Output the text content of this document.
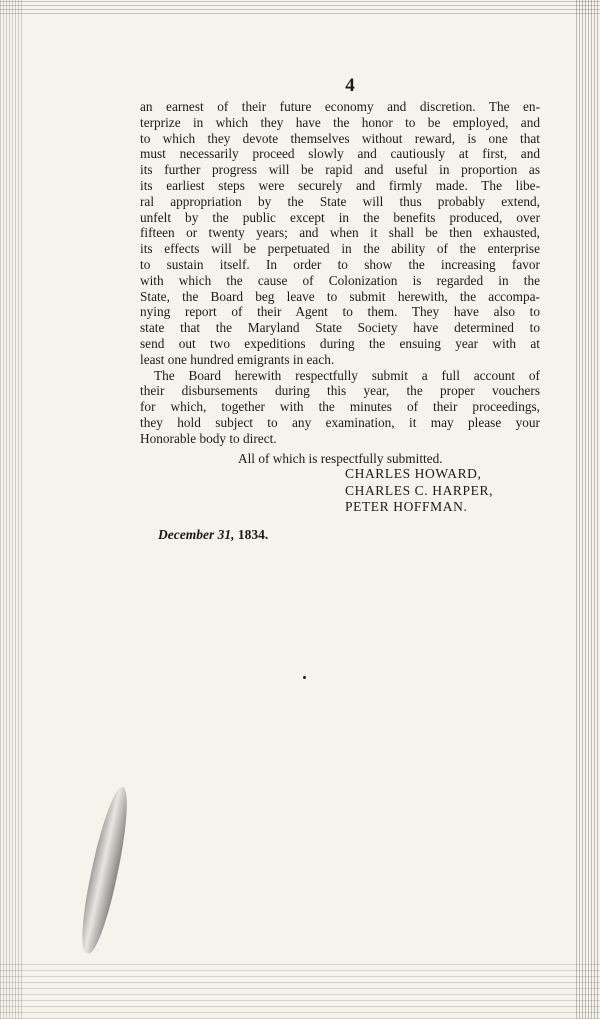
4
an earnest of their future economy and discretion. The en-
terprize in which they have the honor to be employed, and
to which they devote themselves without reward, is one that
must necessarily proceed slowly and cautiously at first, and
its further progress will be rapid and useful in proportion as
its earliest steps were securely and firmly made. The libe-
ral appropriation by the State will thus probably extend,
unfelt by the public except in the benefits produced, over
fifteen or twenty years; and when it shall be then exhausted,
its effects will be perpetuated in the ability of the enterprise
to sustain itself. In order to show the increasing favor
with which the cause of Colonization is regarded in the
State, the Board beg leave to submit herewith, the accompa-
nying report of their Agent to them. They have also to
state that the Maryland State Society have determined to
send out two expeditions during the ensuing year with at
least one hundred emigrants in each.
The Board herewith respectfully submit a full account of
their disbursements during this year, the proper vouchers
for which, together with the minutes of their proceedings,
they hold subject to any examination, it may please your
Honorable body to direct.
All of which is respectfully submitted.
CHARLES HOWARD,
CHARLES C. HARPER,
PETER HOFFMAN.
December 31, 1834.
